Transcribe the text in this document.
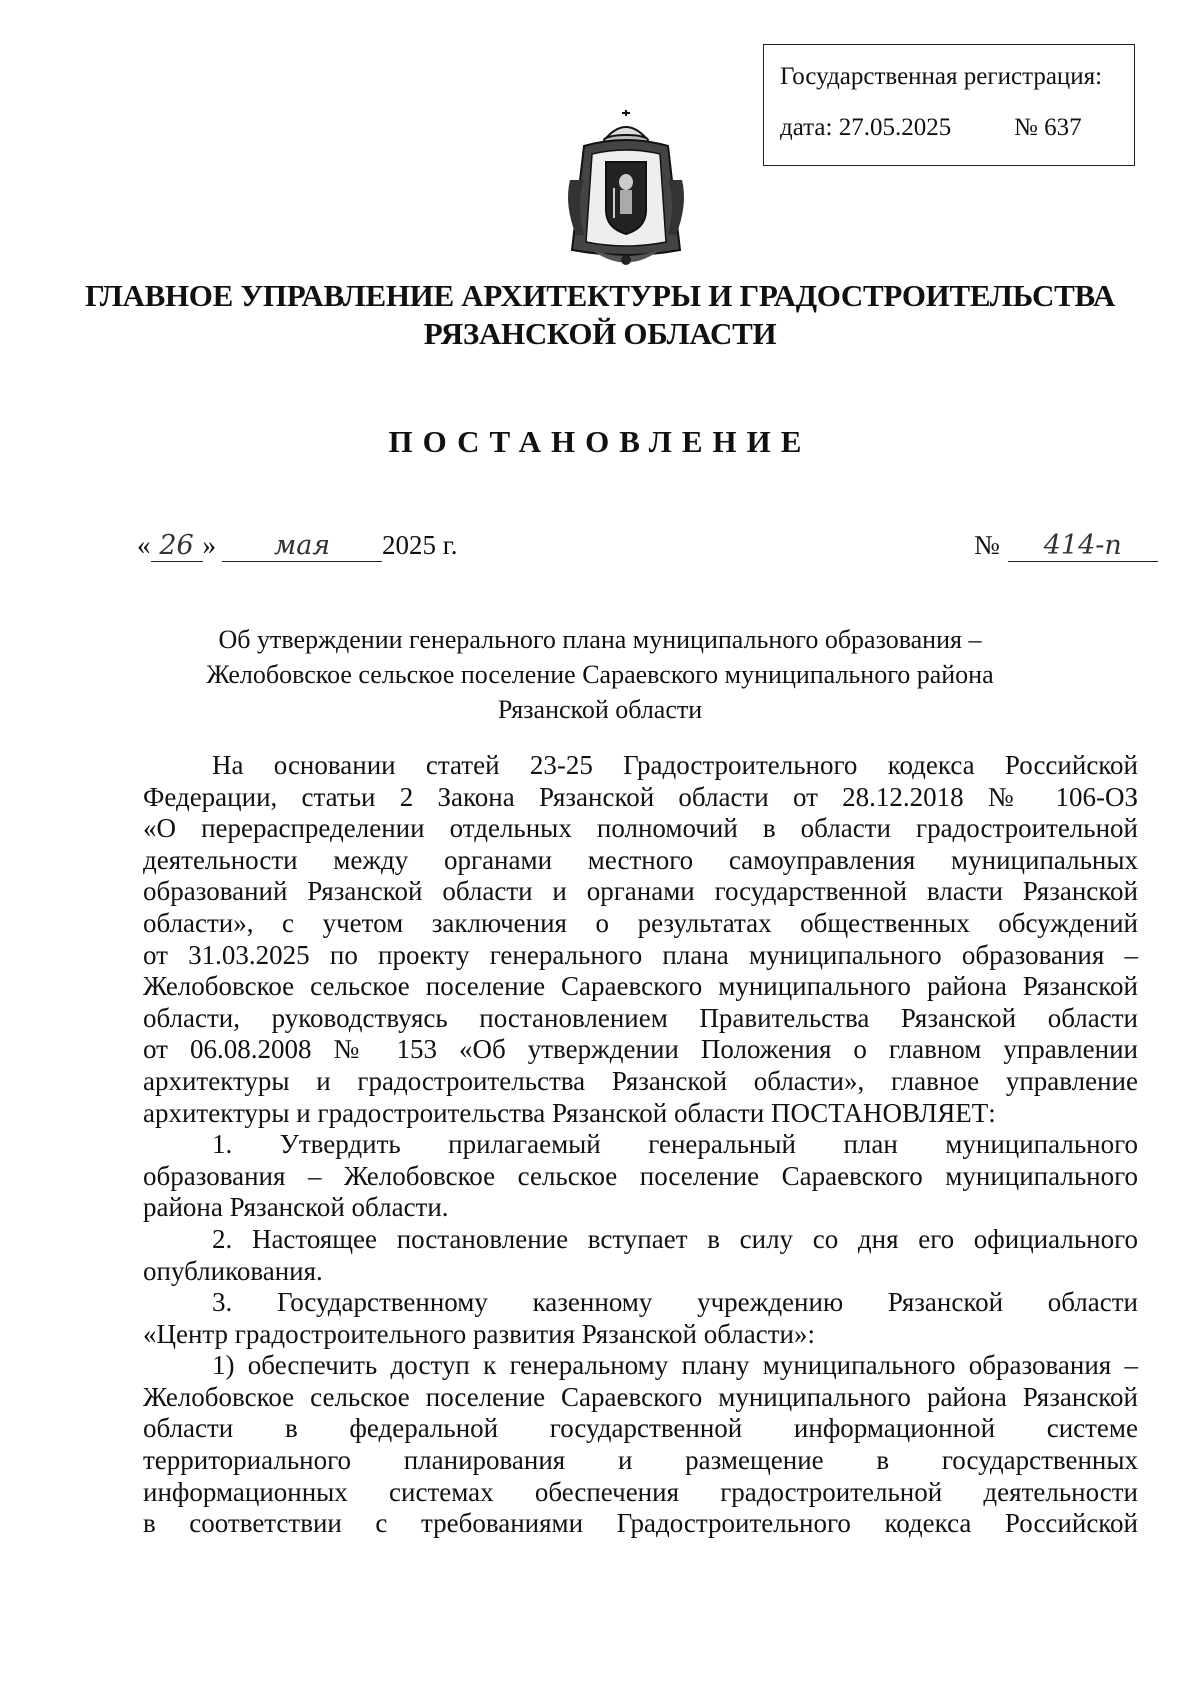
Государственная регистрация:
дата: 27.05.2025	№ 637
ГЛАВНОЕ УПРАВЛЕНИЕ АРХИТЕКТУРЫ И ГРАДОСТРОИТЕЛЬСТВА
РЯЗАНСКОЙ ОБЛАСТИ
ПОСТАНОВЛЕНИЕ
« 26 » мая 2025 г.	№ 414-п
Об утверждении генерального плана муниципального образования –
Желобовское сельское поселение Сараевского муниципального района
Рязанской области

На основании статей 23-25 Градостроительного кодекса Российской

Федерации, статьи 2 Закона Рязанской области от 28.12.2018 № 106-ОЗ

«О перераспределении отдельных полномочий в области градостроительной

деятельности между органами местного самоуправления муниципальных

образований Рязанской области и органами государственной власти Рязанской

области», с учетом заключения о результатах общественных обсуждений

от 31.03.2025 по проекту генерального плана муниципального образования –

Желобовское сельское поселение Сараевского муниципального района Рязанской

области, руководствуясь постановлением Правительства Рязанской области

от 06.08.2008 № 153 «Об утверждении Положения о главном управлении

архитектуры и градостроительства Рязанской области», главное управление

архитектуры и градостроительства Рязанской области ПОСТАНОВЛЯЕТ:

1. Утвердить прилагаемый генеральный план муниципального

образования – Желобовское сельское поселение Сараевского муниципального

района Рязанской области.

2. Настоящее постановление вступает в силу со дня его официального

опубликования.

3. Государственному казенному учреждению Рязанской области

«Центр градостроительного развития Рязанской области»:

1) обеспечить доступ к генеральному плану муниципального образования –

Желобовское сельское поселение Сараевского муниципального района Рязанской

области в федеральной государственной информационной системе

территориального планирования и размещение в государственных

информационных системах обеспечения градостроительной деятельности

в соответствии с требованиями Градостроительного кодекса Российской
